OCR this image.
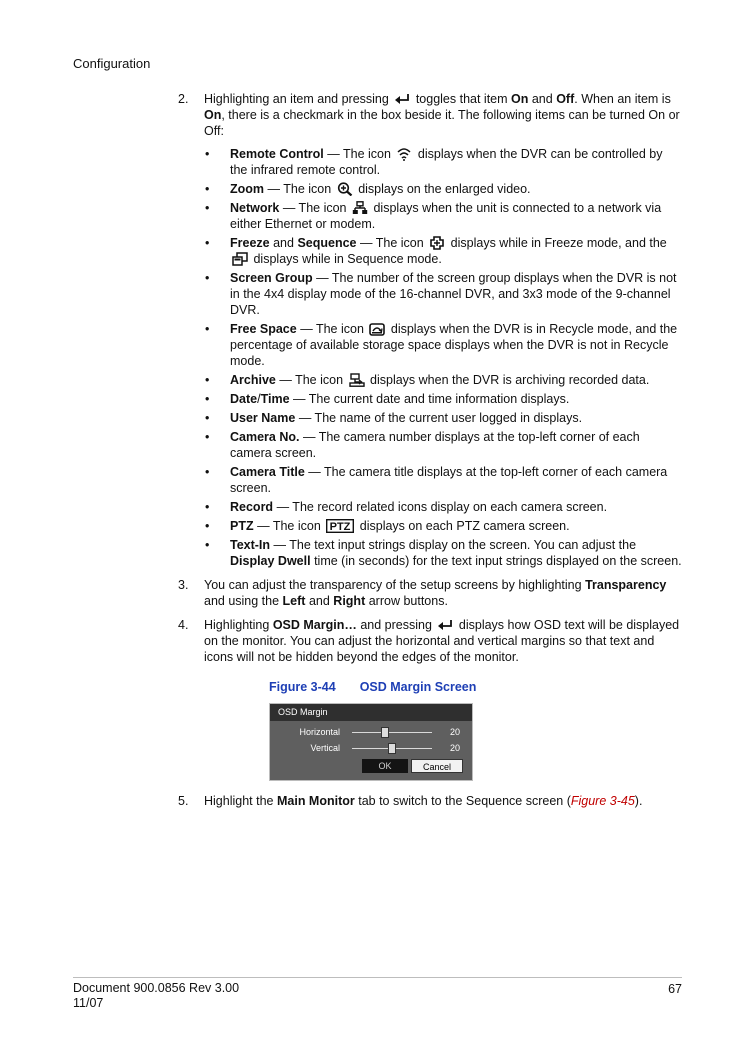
Configuration
2. Highlighting an item and pressing toggles that item On and Off. When an item is On, there is a checkmark in the box beside it. The following items can be turned On or Off:
• Remote Control — The icon displays when the DVR can be controlled by the infrared remote control.
• Zoom — The icon displays on the enlarged video.
• Network — The icon displays when the unit is connected to a network via either Ethernet or modem.
• Freeze and Sequence — The icon displays while in Freeze mode, and the
displays while in Sequence mode.
• Screen Group — The number of the screen group displays when the DVR is not in the 4x4 display mode of the 16-channel DVR, and 3x3 mode of the 9-channel DVR.
• Free Space — The icon displays when the DVR is in Recycle mode, and the percentage of available storage space displays when the DVR is not in Recycle mode.
• Archive — The icon displays when the DVR is archiving recorded data.
• Date/Time — The current date and time information displays.
• User Name — The name of the current user logged in displays.
• Camera No. — The camera number displays at the top-left corner of each camera screen.
• Camera Title — The camera title displays at the top-left corner of each camera screen.
• Record — The record related icons display on each camera screen.
• PTZ — The icon PTZ displays on each PTZ camera screen.
• Text-In — The text input strings display on the screen. You can adjust the Display Dwell time (in seconds) for the text input strings displayed on the screen.
3. You can adjust the transparency of the setup screens by highlighting Transparency and using the Left and Right arrow buttons.
4. Highlighting OSD Margin… and pressing displays how OSD text will be displayed on the monitor. You can adjust the horizontal and vertical margins so that text and icons will not be hidden beyond the edges of the monitor.
Figure 3-44 OSD Margin Screen
OSD Margin
Horizontal	20
Vertical	20
OK	Cancel
5. Highlight the Main Monitor tab to switch to the Sequence screen (Figure 3-45).
Document 900.0856 Rev 3.00
11/07
67
